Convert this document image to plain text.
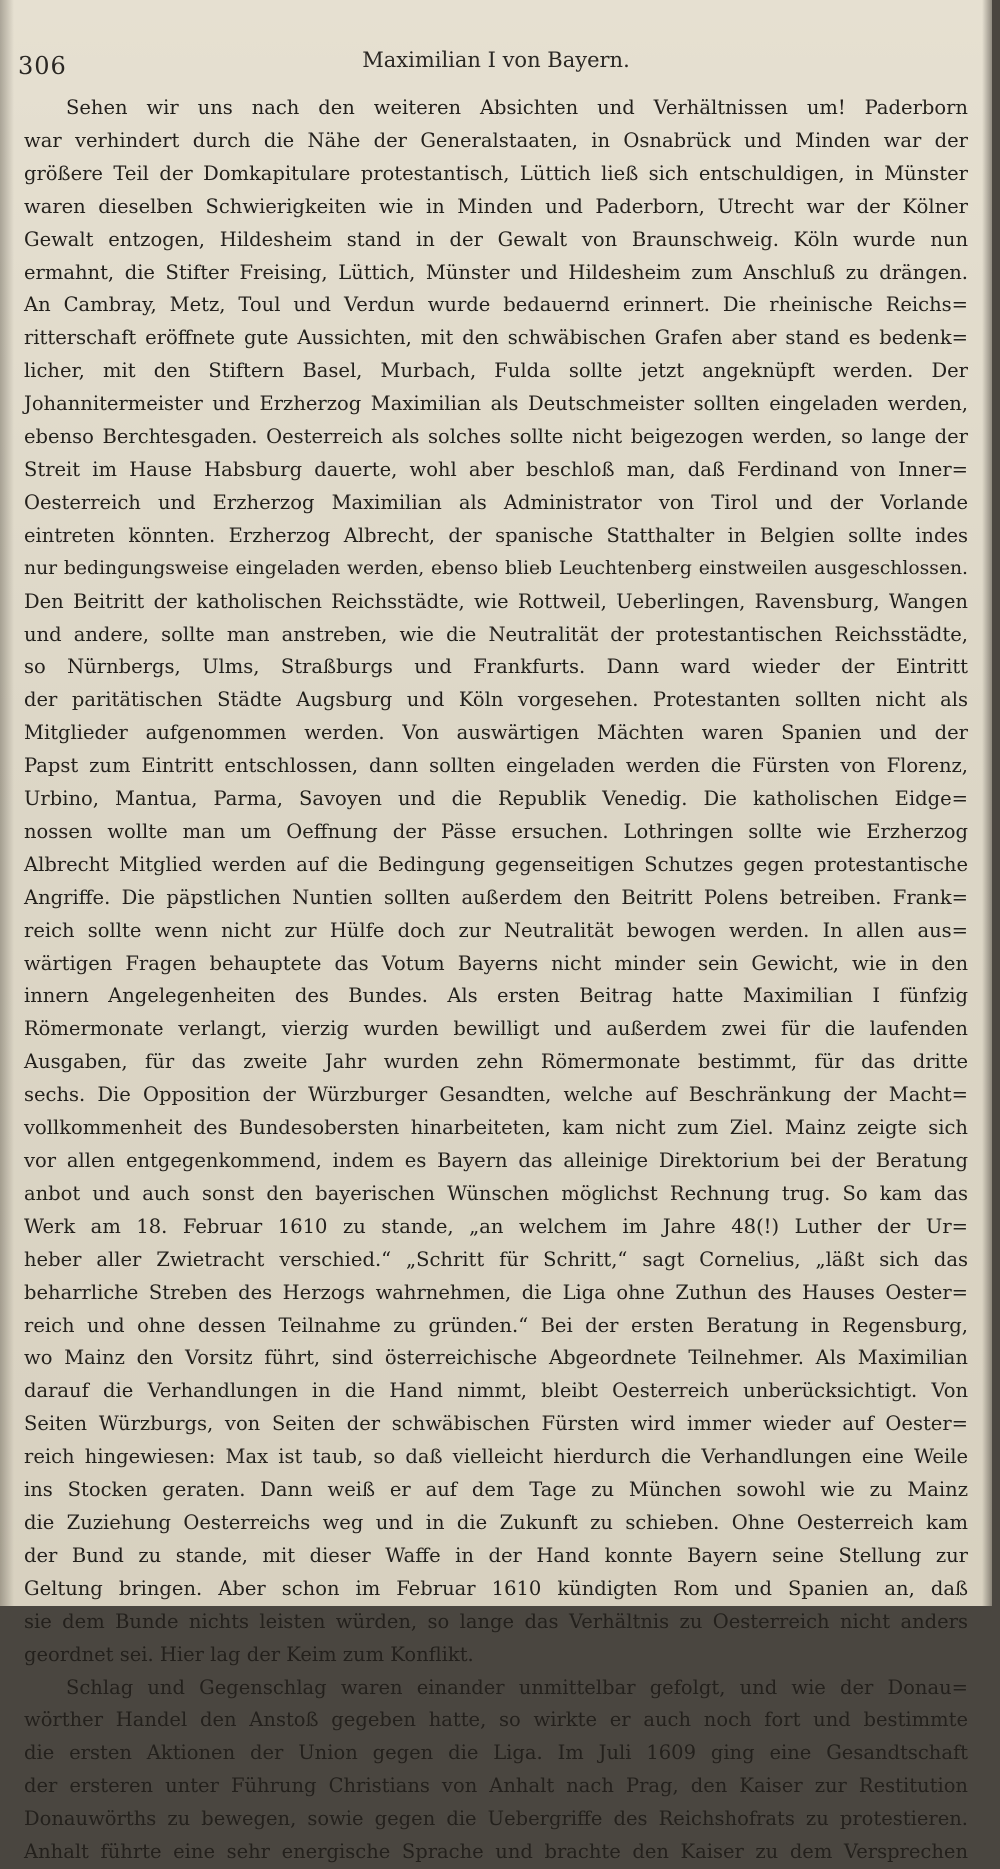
306	Maximilian I von Bayern.
Sehen wir uns nach den weiteren Absichten und Verhältnissen um! Paderborn
war verhindert durch die Nähe der Generalstaaten, in Osnabrück und Minden war der
größere Teil der Domkapitulare protestantisch, Lüttich ließ sich entschuldigen, in Münster
waren dieselben Schwierigkeiten wie in Minden und Paderborn, Utrecht war der Kölner
Gewalt entzogen, Hildesheim stand in der Gewalt von Braunschweig. Köln wurde nun
ermahnt, die Stifter Freising, Lüttich, Münster und Hildesheim zum Anschluß zu drängen.
An Cambray, Metz, Toul und Verdun wurde bedauernd erinnert. Die rheinische Reichs=
ritterschaft eröffnete gute Aussichten, mit den schwäbischen Grafen aber stand es bedenk=
licher, mit den Stiftern Basel, Murbach, Fulda sollte jetzt angeknüpft werden. Der
Johannitermeister und Erzherzog Maximilian als Deutschmeister sollten eingeladen werden,
ebenso Berchtesgaden. Oesterreich als solches sollte nicht beigezogen werden, so lange der
Streit im Hause Habsburg dauerte, wohl aber beschloß man, daß Ferdinand von Inner=
Oesterreich und Erzherzog Maximilian als Administrator von Tirol und der Vorlande
eintreten könnten. Erzherzog Albrecht, der spanische Statthalter in Belgien sollte indes
nur bedingungsweise eingeladen werden, ebenso blieb Leuchtenberg einstweilen ausgeschlossen.
Den Beitritt der katholischen Reichsstädte, wie Rottweil, Ueberlingen, Ravensburg, Wangen
und andere, sollte man anstreben, wie die Neutralität der protestantischen Reichsstädte,
so Nürnbergs, Ulms, Straßburgs und Frankfurts. Dann ward wieder der Eintritt
der paritätischen Städte Augsburg und Köln vorgesehen. Protestanten sollten nicht als
Mitglieder aufgenommen werden. Von auswärtigen Mächten waren Spanien und der
Papst zum Eintritt entschlossen, dann sollten eingeladen werden die Fürsten von Florenz,
Urbino, Mantua, Parma, Savoyen und die Republik Venedig. Die katholischen Eidge=
nossen wollte man um Oeffnung der Pässe ersuchen. Lothringen sollte wie Erzherzog
Albrecht Mitglied werden auf die Bedingung gegenseitigen Schutzes gegen protestantische
Angriffe. Die päpstlichen Nuntien sollten außerdem den Beitritt Polens betreiben. Frank=
reich sollte wenn nicht zur Hülfe doch zur Neutralität bewogen werden. In allen aus=
wärtigen Fragen behauptete das Votum Bayerns nicht minder sein Gewicht, wie in den
innern Angelegenheiten des Bundes. Als ersten Beitrag hatte Maximilian I fünfzig
Römermonate verlangt, vierzig wurden bewilligt und außerdem zwei für die laufenden
Ausgaben, für das zweite Jahr wurden zehn Römermonate bestimmt, für das dritte
sechs. Die Opposition der Würzburger Gesandten, welche auf Beschränkung der Macht=
vollkommenheit des Bundesobersten hinarbeiteten, kam nicht zum Ziel. Mainz zeigte sich
vor allen entgegenkommend, indem es Bayern das alleinige Direktorium bei der Beratung
anbot und auch sonst den bayerischen Wünschen möglichst Rechnung trug. So kam das
Werk am 18. Februar 1610 zu stande, „an welchem im Jahre 48(!) Luther der Ur=
heber aller Zwietracht verschied.“ „Schritt für Schritt,“ sagt Cornelius, „läßt sich das
beharrliche Streben des Herzogs wahrnehmen, die Liga ohne Zuthun des Hauses Oester=
reich und ohne dessen Teilnahme zu gründen.“ Bei der ersten Beratung in Regensburg,
wo Mainz den Vorsitz führt, sind österreichische Abgeordnete Teilnehmer. Als Maximilian
darauf die Verhandlungen in die Hand nimmt, bleibt Oesterreich unberücksichtigt. Von
Seiten Würzburgs, von Seiten der schwäbischen Fürsten wird immer wieder auf Oester=
reich hingewiesen: Max ist taub, so daß vielleicht hierdurch die Verhandlungen eine Weile
ins Stocken geraten. Dann weiß er auf dem Tage zu München sowohl wie zu Mainz
die Zuziehung Oesterreichs weg und in die Zukunft zu schieben. Ohne Oesterreich kam
der Bund zu stande, mit dieser Waffe in der Hand konnte Bayern seine Stellung zur
Geltung bringen. Aber schon im Februar 1610 kündigten Rom und Spanien an, daß
sie dem Bunde nichts leisten würden, so lange das Verhältnis zu Oesterreich nicht anders
geordnet sei. Hier lag der Keim zum Konflikt.
Schlag und Gegenschlag waren einander unmittelbar gefolgt, und wie der Donau=
wörther Handel den Anstoß gegeben hatte, so wirkte er auch noch fort und bestimmte
die ersten Aktionen der Union gegen die Liga. Im Juli 1609 ging eine Gesandtschaft
der ersteren unter Führung Christians von Anhalt nach Prag, den Kaiser zur Restitution
Donauwörths zu bewegen, sowie gegen die Uebergriffe des Reichshofrats zu protestieren.
Anhalt führte eine sehr energische Sprache und brachte den Kaiser zu dem Versprechen
